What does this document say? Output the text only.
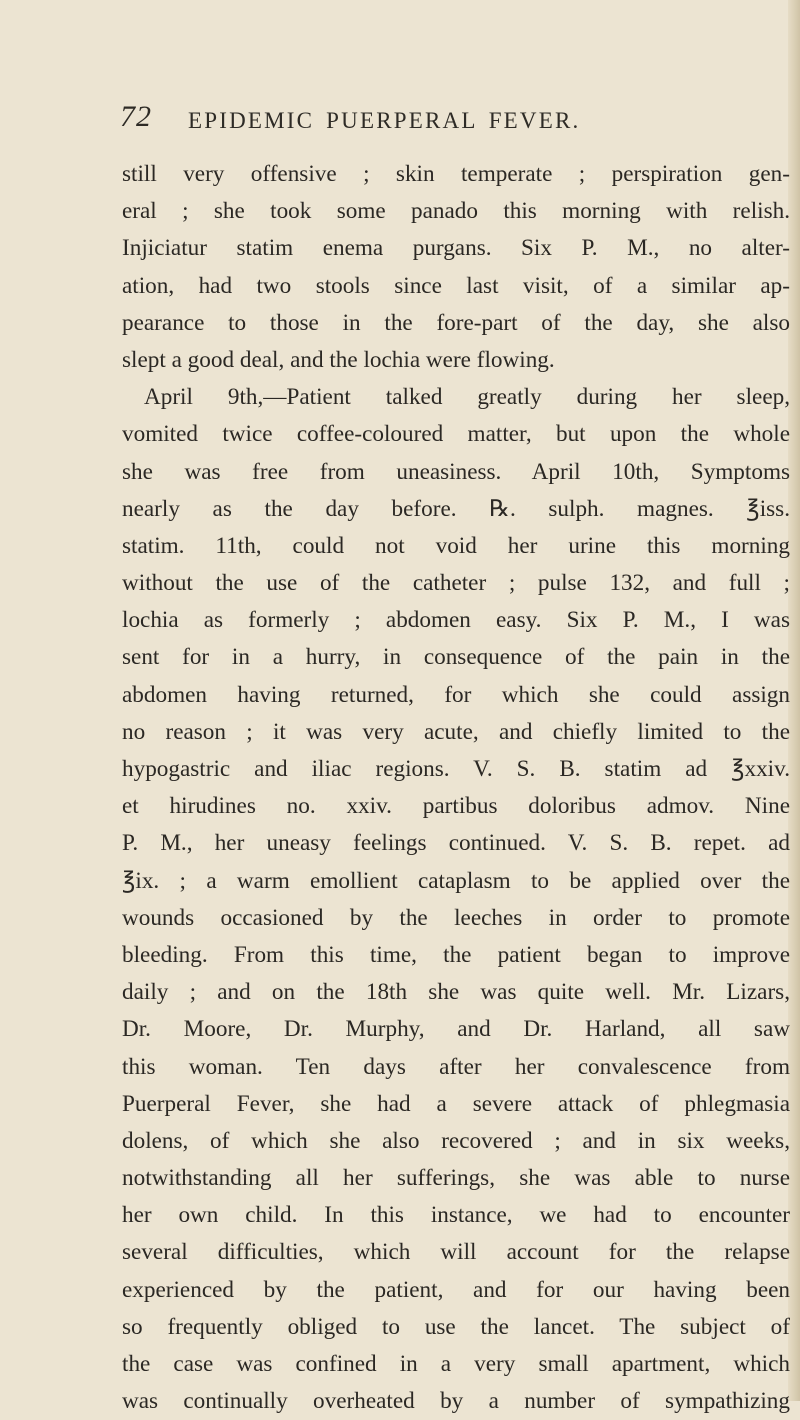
72 EPIDEMIC PUERPERAL FEVER.
still very offensive ; skin temperate ; perspiration gen-
eral ; she took some panado this morning with relish.
Injiciatur statim enema purgans. Six P. M., no alter-
ation, had two stools since last visit, of a similar ap-
pearance to those in the fore-part of the day, she also
slept a good deal, and the lochia were flowing.
April 9th,—Patient talked greatly during her sleep,
vomited twice coffee-coloured matter, but upon the whole
she was free from uneasiness. April 10th, Symptoms
nearly as the day before. ℞. sulph. magnes. ℥iss.
statim. 11th, could not void her urine this morning
without the use of the catheter ; pulse 132, and full ;
lochia as formerly ; abdomen easy. Six P. M., I was
sent for in a hurry, in consequence of the pain in the
abdomen having returned, for which she could assign
no reason ; it was very acute, and chiefly limited to the
hypogastric and iliac regions. V. S. B. statim ad ℥xxiv.
et hirudines no. xxiv. partibus doloribus admov. Nine
P. M., her uneasy feelings continued. V. S. B. repet. ad
℥ix. ; a warm emollient cataplasm to be applied over the
wounds occasioned by the leeches in order to promote
bleeding. From this time, the patient began to improve
daily ; and on the 18th she was quite well. Mr. Lizars,
Dr. Moore, Dr. Murphy, and Dr. Harland, all saw
this woman. Ten days after her convalescence from
Puerperal Fever, she had a severe attack of phlegmasia
dolens, of which she also recovered ; and in six weeks,
notwithstanding all her sufferings, she was able to nurse
her own child. In this instance, we had to encounter
several difficulties, which will account for the relapse
experienced by the patient, and for our having been
so frequently obliged to use the lancet. The subject of
the case was confined in a very small apartment, which
was continually overheated by a number of sympathizing
